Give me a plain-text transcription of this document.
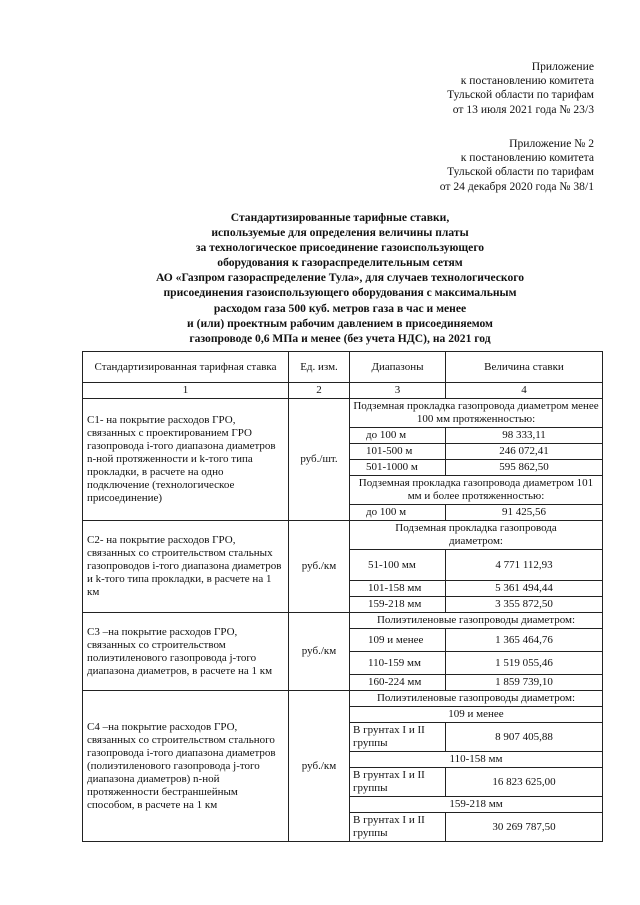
Приложение
к постановлению комитета
Тульской области по тарифам
от 13 июля 2021 года № 23/3
Приложение № 2
к постановлению комитета
Тульской области по тарифам
от 24 декабря 2020 года № 38/1
Стандартизированные тарифные ставки,
используемые для определения величины платы
за технологическое присоединение газоиспользующего
оборудования к газораспределительным сетям
АО «Газпром газораспределение Тула», для случаев технологического
присоединения газоиспользующего оборудования с максимальным
расходом газа 500 куб. метров газа в час и менее
и (или) проектным рабочим давлением в присоединяемом
газопроводе 0,6 МПа и менее (без учета НДС), на 2021 год
Стандартизированная тарифная ставка	Ед. изм.	Диапазоны	Величина ставки
1	2	3	4
С1- на покрытие расходов ГРО, связанных с проектированием ГРО газопровода i-того диапазона диаметров n-ной протяженности и k-того типа прокладки, в расчете на одно подключение (технологическое присоединение)	руб./шт.	Подземная прокладка газопровода диаметром менее 100 мм протяженностью:	
		до 100 м	98 333,11
		101-500 м	246 072,41
		501-1000 м	595 862,50
		Подземная прокладка газопровода диаметром 101 мм и более протяженностью:	
		до 100 м	91 425,56
С2- на покрытие расходов ГРО, связанных со строительством стальных газопроводов i-того диапазона диаметров и k-того типа прокладки, в расчете на 1 км	руб./км	Подземная прокладка газопровода диаметром:	
		51-100 мм	4 771 112,93
		101-158 мм	5 361 494,44
		159-218 мм	3 355 872,50
С3 –на покрытие расходов ГРО, связанных со строительством полиэтиленового газопровода j-того диапазона диаметров, в расчете на 1 км	руб./км	Полиэтиленовые газопроводы диаметром:	
		109 и менее	1 365 464,76
		110-159 мм	1 519 055,46
		160-224 мм	1 859 739,10
С4 –на покрытие расходов ГРО, связанных со строительством стального газопровода i-того диапазона диаметров (полиэтиленового газопровода j-того диапазона диаметров) n-ной протяженности бестраншейным способом, в расчете на 1 км	руб./км	Полиэтиленовые газопроводы диаметром:	
		109 и менее	
		В грунтах I и II группы	8 907 405,88
		110-158 мм	
		В грунтах I и II группы	16 823 625,00
		159-218 мм	
		В грунтах I и II группы	30 269 787,50
